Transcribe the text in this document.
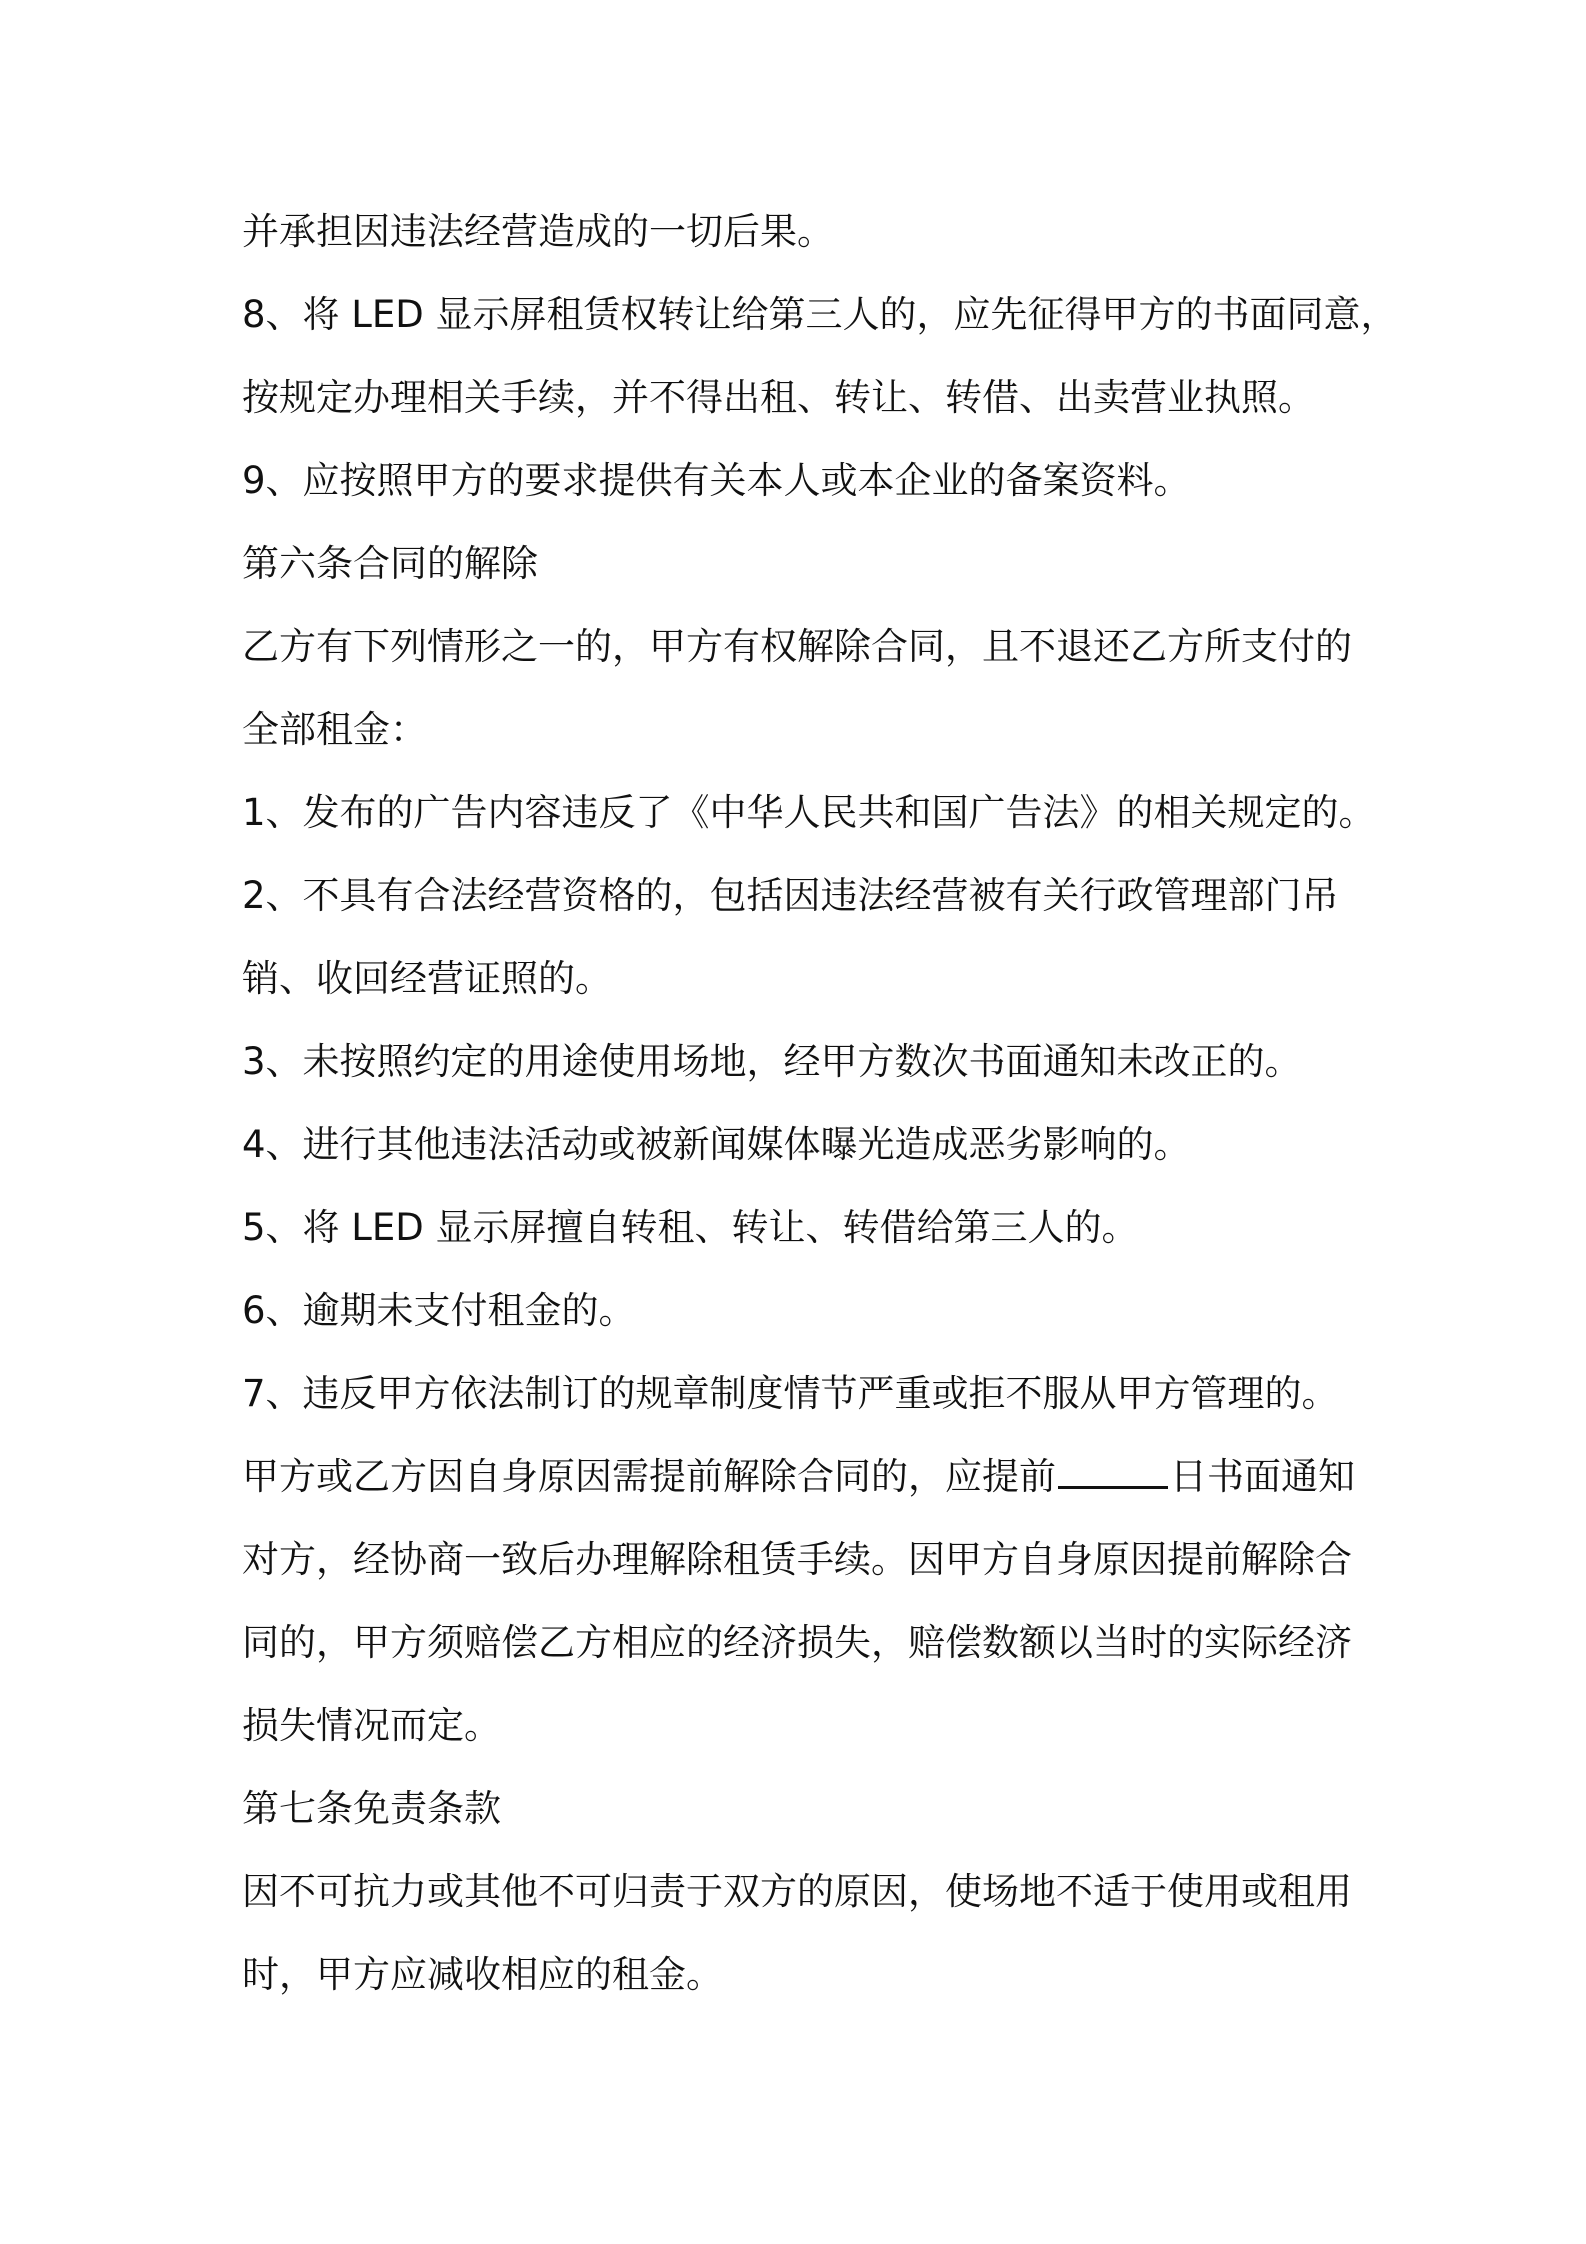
并承担因违法经营造成的一切后果。
8、将 LED 显示屏租赁权转让给第三人的，应先征得甲方的书面同意，
按规定办理相关手续，并不得出租、转让、转借、出卖营业执照。
9、应按照甲方的要求提供有关本人或本企业的备案资料。
第六条合同的解除
乙方有下列情形之一的，甲方有权解除合同，且不退还乙方所支付的
全部租金：
1、发布的广告内容违反了《中华人民共和国广告法》的相关规定的。
2、不具有合法经营资格的，包括因违法经营被有关行政管理部门吊
销、收回经营证照的。
3、未按照约定的用途使用场地，经甲方数次书面通知未改正的。
4、进行其他违法活动或被新闻媒体曝光造成恶劣影响的。
5、将 LED 显示屏擅自转租、转让、转借给第三人的。
6、逾期未支付租金的。
7、违反甲方依法制订的规章制度情节严重或拒不服从甲方管理的。
甲方或乙方因自身原因需提前解除合同的，应提前	日书面通知
对方，经协商一致后办理解除租赁手续。因甲方自身原因提前解除合
同的，甲方须赔偿乙方相应的经济损失，赔偿数额以当时的实际经济
损失情况而定。
第七条免责条款
因不可抗力或其他不可归责于双方的原因，使场地不适于使用或租用
时，甲方应减收相应的租金。
